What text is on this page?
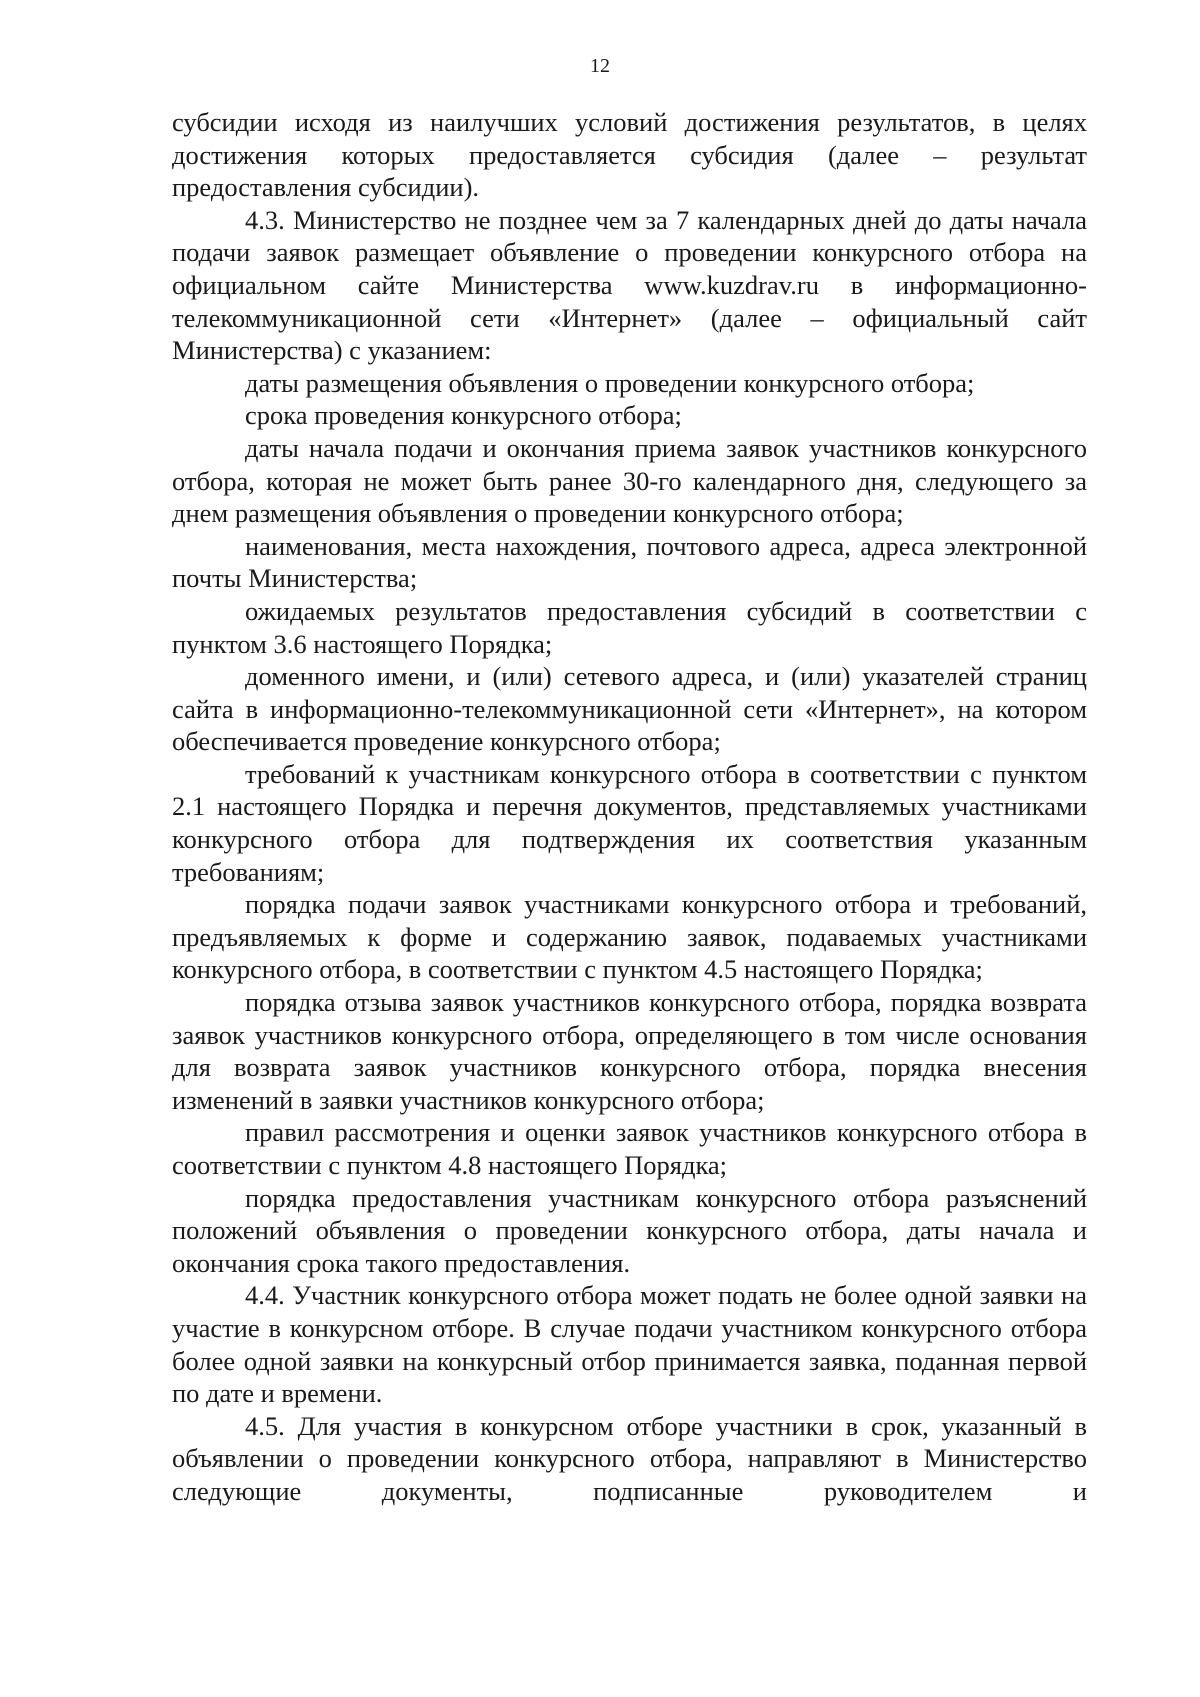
12

субсидии исходя из наилучших условий достижения результатов, в целях достижения которых предоставляется субсидия (далее – результат предоставления субсидии).

4.3. Министерство не позднее чем за 7 календарных дней до даты начала подачи заявок размещает объявление о проведении конкурсного отбора на официальном сайте Министерства www.kuzdrav.ru в информационно-телекоммуникационной сети «Интернет» (далее – официальный сайт Министерства) с указанием:

даты размещения объявления о проведении конкурсного отбора;

срока проведения конкурсного отбора;

даты начала подачи и окончания приема заявок участников конкурсного отбора, которая не может быть ранее 30-го календарного дня, следующего за днем размещения объявления о проведении конкурсного отбора;

наименования, места нахождения, почтового адреса, адреса электронной почты Министерства;

ожидаемых результатов предоставления субсидий в соответствии с пунктом 3.6 настоящего Порядка;

доменного имени, и (или) сетевого адреса, и (или) указателей страниц сайта в информационно-телекоммуникационной сети «Интернет», на котором обеспечивается проведение конкурсного отбора;

требований к участникам конкурсного отбора в соответствии с пунктом 2.1 настоящего Порядка и перечня документов, представляемых участниками конкурсного отбора для подтверждения их соответствия указанным требованиям;

порядка подачи заявок участниками конкурсного отбора и требований, предъявляемых к форме и содержанию заявок, подаваемых участниками конкурсного отбора, в соответствии с пунктом 4.5 настоящего Порядка;

порядка отзыва заявок участников конкурсного отбора, порядка возврата заявок участников конкурсного отбора, определяющего в том числе основания для возврата заявок участников конкурсного отбора, порядка внесения изменений в заявки участников конкурсного отбора;

правил рассмотрения и оценки заявок участников конкурсного отбора в соответствии с пунктом 4.8 настоящего Порядка;

порядка предоставления участникам конкурсного отбора разъяснений положений объявления о проведении конкурсного отбора, даты начала и окончания срока такого предоставления.

4.4. Участник конкурсного отбора может подать не более одной заявки на участие в конкурсном отборе. В случае подачи участником конкурсного отбора более одной заявки на конкурсный отбор принимается заявка, поданная первой по дате и времени.

4.5. Для участия в конкурсном отборе участники в срок, указанный в объявлении о проведении конкурсного отбора, направляют в Министерство следующие документы, подписанные руководителем и
